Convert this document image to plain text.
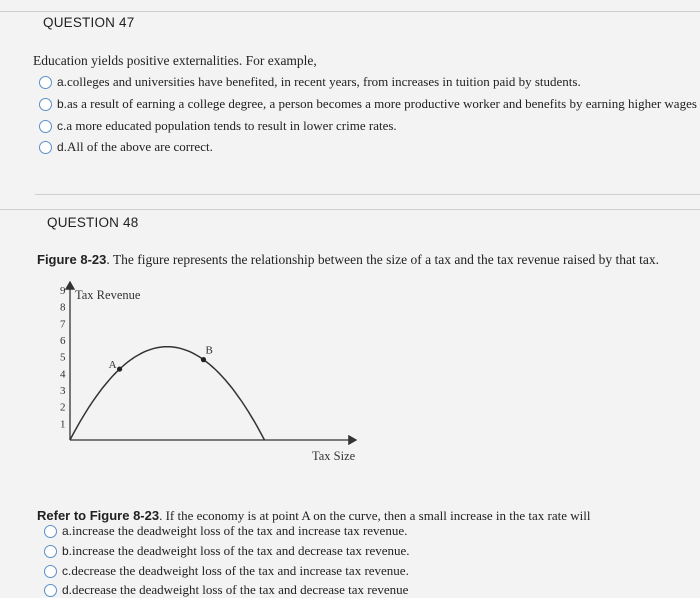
QUESTION 47
Education yields positive externalities. For example,
a. colleges and universities have benefited, in recent years, from increases in tuition paid by students.
b. as a result of earning a college degree, a person becomes a more productive worker and benefits by earning higher wages
c. a more educated population tends to result in lower crime rates.
d. All of the above are correct.
QUESTION 48
Figure 8-23. The figure represents the relationship between the size of a tax and the tax revenue raised by that tax.
1
2
3
4
5
6
7
8
9 Tax Revenue
Tax Size
A
B
Refer to Figure 8-23. If the economy is at point A on the curve, then a small increase in the tax rate will
a. increase the deadweight loss of the tax and increase tax revenue.
b. increase the deadweight loss of the tax and decrease tax revenue.
c. decrease the deadweight loss of the tax and increase tax revenue.
d. decrease the deadweight loss of the tax and decrease tax revenue
